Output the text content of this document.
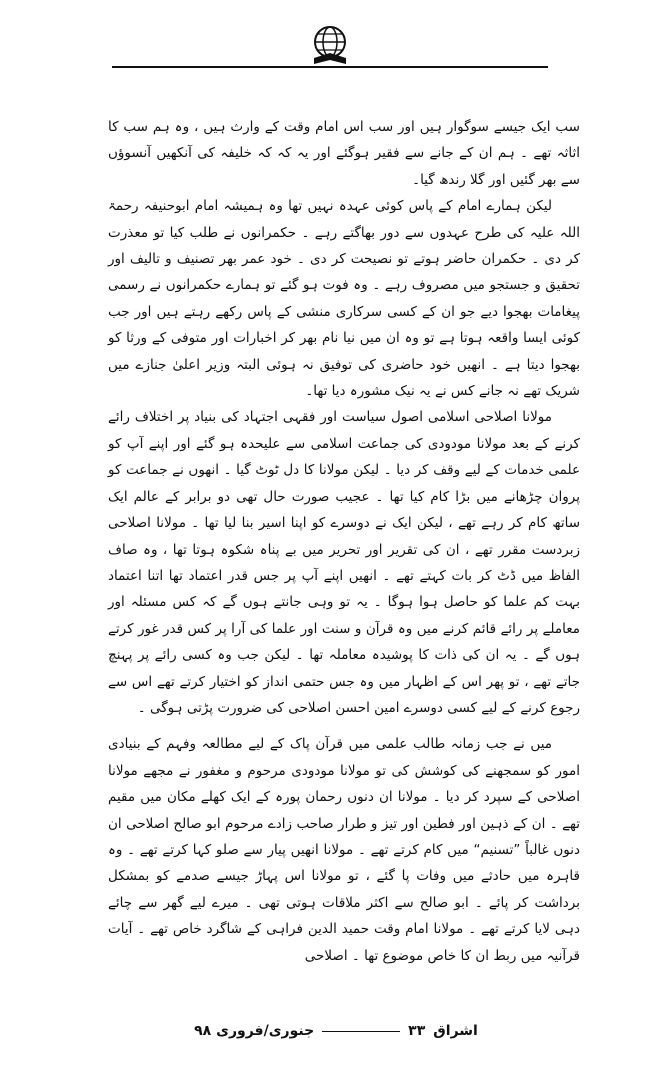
سب ایک جیسے سوگوار ہیں اور سب اس امام وقت کے وارث ہیں ، وہ ہم سب کا اثاثہ تھے ۔ ہم ان کے جانے سے فقیر ہوگئے اور یہ کہ کہ خلیفہ کی آنکھیں آنسوؤں سے بھر گئیں اور گلا رندھ گیا۔

لیکن ہمارے امام کے پاس کوئی عہدہ نہیں تھا وہ ہمیشہ امام ابوحنیفہ رحمۃ اللہ علیہ کی طرح عہدوں سے دور بھاگتے رہے ۔ حکمرانوں نے طلب کیا تو معذرت کر دی ۔ حکمران حاضر ہوتے تو نصیحت کر دی ۔ خود عمر بھر تصنیف و تالیف اور تحقیق و جستجو میں مصروف رہے ۔ وہ فوت ہو گئے تو ہمارے حکمرانوں نے رسمی پیغامات بھجوا دیے جو ان کے کسی سرکاری منشی کے پاس رکھے رہتے ہیں اور جب کوئی ایسا واقعہ ہوتا ہے تو وہ ان میں نیا نام بھر کر اخبارات اور متوفی کے ورثا کو بھجوا دیتا ہے ۔ انھیں خود حاضری کی توفیق نہ ہوئی البتہ وزیر اعلیٰ جنازے میں شریک تھے نہ جانے کس نے یہ نیک مشورہ دیا تھا۔

مولانا اصلاحی اسلامی اصول سیاست اور فقہی اجتہاد کی بنیاد پر اختلاف رائے کرنے کے بعد مولانا مودودی کی جماعت اسلامی سے علیحدہ ہو گئے اور اپنے آپ کو علمی خدمات کے لیے وقف کر دیا ۔ لیکن مولانا کا دل ٹوٹ گیا ۔ انھوں نے جماعت کو پروان چڑھانے میں بڑا کام کیا تھا ۔ عجیب صورت حال تھی دو برابر کے عالم ایک ساتھ کام کر رہے تھے ، لیکن ایک نے دوسرے کو اپنا اسیر بنا لیا تھا ۔ مولانا اصلاحی زبردست مقرر تھے ، ان کی تقریر اور تحریر میں بے پناہ شکوہ ہوتا تھا ، وہ صاف الفاظ میں ڈٹ کر بات کہتے تھے ۔ انھیں اپنے آپ پر جس قدر اعتماد تھا اتنا اعتماد بہت کم علما کو حاصل ہوا ہوگا ۔ یہ تو وہی جانتے ہوں گے کہ کس مسئلہ اور معاملے پر رائے قائم کرنے میں وہ قرآن و سنت اور علما کی آرا پر کس قدر غور کرتے ہوں گے ۔ یہ ان کی ذات کا پوشیدہ معاملہ تھا ۔ لیکن جب وہ کسی رائے پر پہنچ جاتے تھے ، تو پھر اس کے اظہار میں وہ جس حتمی انداز کو اختیار کرتے تھے اس سے رجوع کرنے کے لیے کسی دوسرے امین احسن اصلاحی کی ضرورت پڑتی ہوگی ۔

میں نے جب زمانہ طالب علمی میں قرآن پاک کے لیے مطالعہ وفہم کے بنیادی امور کو سمجھنے کی کوشش کی تو مولانا مودودی مرحوم و مغفور نے مجھے مولانا اصلاحی کے سپرد کر دیا ۔ مولانا ان دنوں رحمان پورہ کے ایک کھلے مکان میں مقیم تھے ۔ ان کے ذہین اور فطین اور تیز و طرار صاحب زادے مرحوم ابو صالح اصلاحی ان دنوں غالباً ”تسنیم“ میں کام کرتے تھے ۔ مولانا انھیں پیار سے صلو کہا کرتے تھے ۔ وہ قاہرہ میں حادثے میں وفات پا گئے ، تو مولانا اس پہاڑ جیسے صدمے کو بمشکل برداشت کر پائے ۔ ابو صالح سے اکثر ملاقات ہوتی تھی ۔ میرے لیے گھر سے چائے دہی لایا کرتے تھے ۔ مولانا امام وقت حمید الدین فراہی کے شاگرد خاص تھے ۔ آیات قرآنیہ میں ربط ان کا خاص موضوع تھا ۔ اصلاحی

اشراق
۳۳
جنوری/فروری ۹۸
